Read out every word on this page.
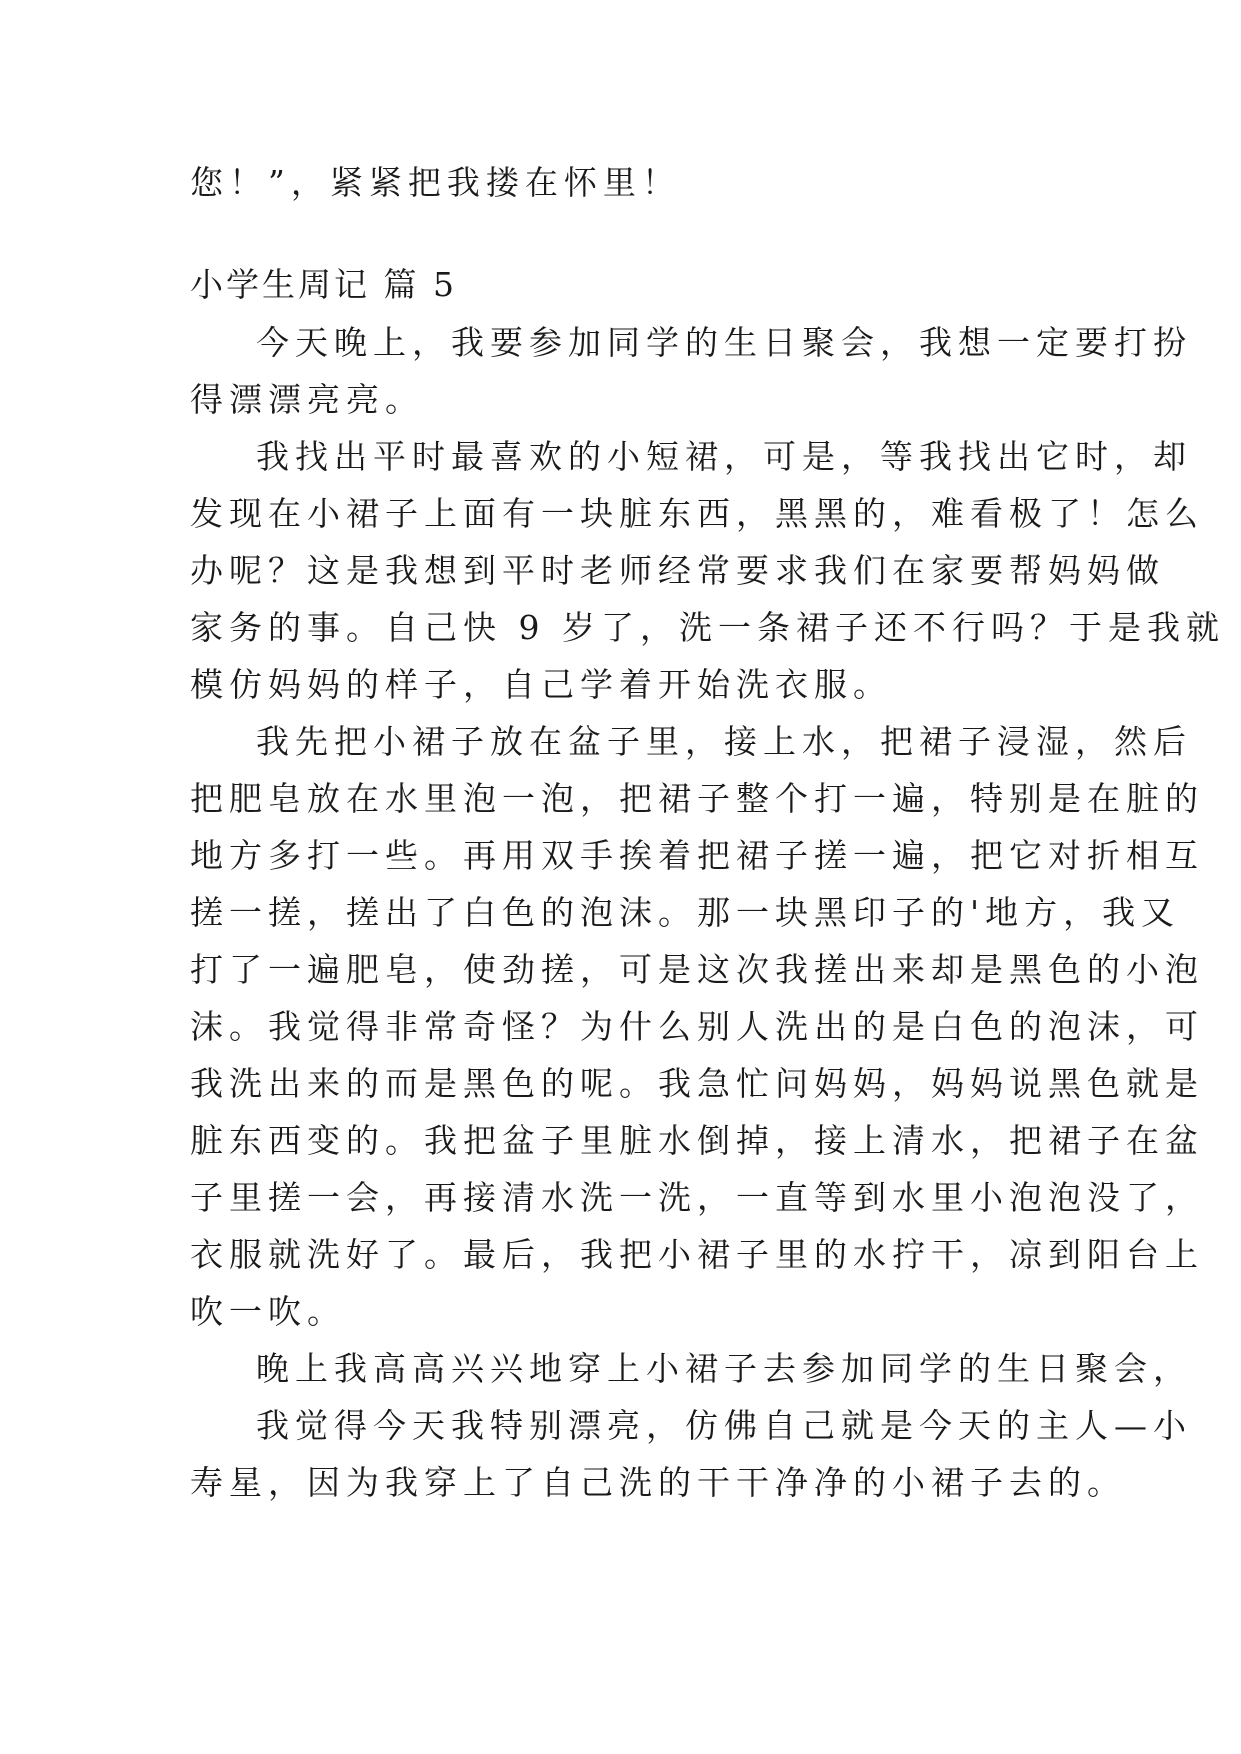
您！”，紧紧把我搂在怀里！

小学生周记 篇 5

今天晚上，我要参加同学的生日聚会，我想一定要打扮
得漂漂亮亮。
我找出平时最喜欢的小短裙，可是，等我找出它时，却
发现在小裙子上面有一块脏东西，黑黑的，难看极了！怎么
办呢？这是我想到平时老师经常要求我们在家要帮妈妈做
家务的事。自己快 9 岁了，洗一条裙子还不行吗？于是我就
模仿妈妈的样子，自己学着开始洗衣服。
我先把小裙子放在盆子里，接上水，把裙子浸湿，然后
把肥皂放在水里泡一泡，把裙子整个打一遍，特别是在脏的
地方多打一些。再用双手挨着把裙子搓一遍，把它对折相互
搓一搓，搓出了白色的泡沫。那一块黑印子的'地方，我又
打了一遍肥皂，使劲搓，可是这次我搓出来却是黑色的小泡
沫。我觉得非常奇怪？为什么别人洗出的是白色的泡沫，可
我洗出来的而是黑色的呢。我急忙问妈妈，妈妈说黑色就是
脏东西变的。我把盆子里脏水倒掉，接上清水，把裙子在盆
子里搓一会，再接清水洗一洗，一直等到水里小泡泡没了，
衣服就洗好了。最后，我把小裙子里的水拧干，凉到阳台上
吹一吹。
晚上我高高兴兴地穿上小裙子去参加同学的生日聚会，
我觉得今天我特别漂亮，仿佛自己就是今天的主人—小
寿星，因为我穿上了自己洗的干干净净的小裙子去的。
